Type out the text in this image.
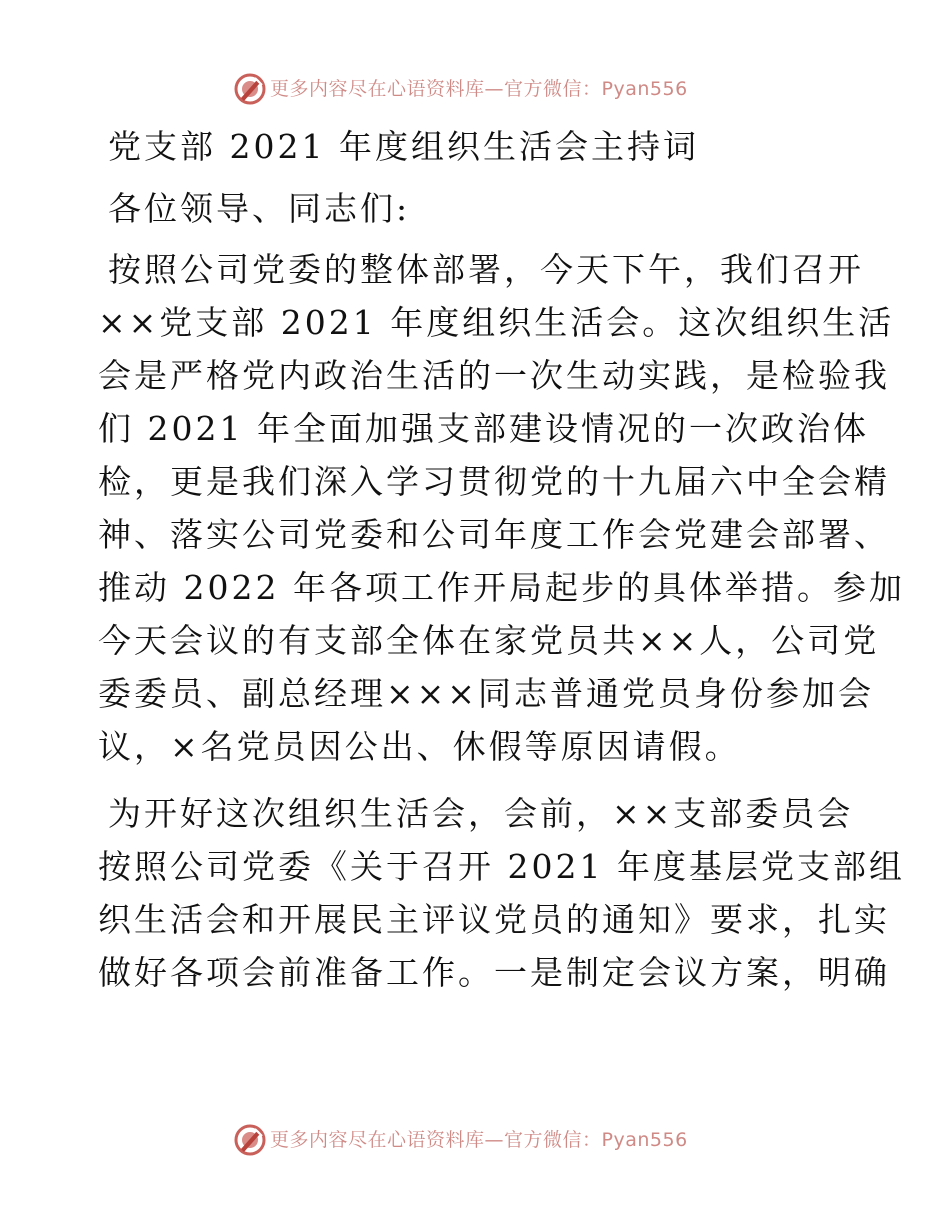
更多内容尽在心语资料库—官方微信：Pyan556
党支部 2021 年度组织生活会主持词

各位领导、同志们:

按照公司党委的整体部署，今天下午，我们召开
××党支部 2021 年度组织生活会。这次组织生活
会是严格党内政治生活的一次生动实践，是检验我
们 2021 年全面加强支部建设情况的一次政治体
检，更是我们深入学习贯彻党的十九届六中全会精
神、落实公司党委和公司年度工作会党建会部署、
推动 2022 年各项工作开局起步的具体举措。参加
今天会议的有支部全体在家党员共××人，公司党
委委员、副总经理×××同志普通党员身份参加会
议，×名党员因公出、休假等原因请假。
为开好这次组织生活会，会前，××支部委员会
按照公司党委《关于召开 2021 年度基层党支部组
织生活会和开展民主评议党员的通知》要求，扎实
做好各项会前准备工作。一是制定会议方案，明确
更多内容尽在心语资料库—官方微信：Pyan556
